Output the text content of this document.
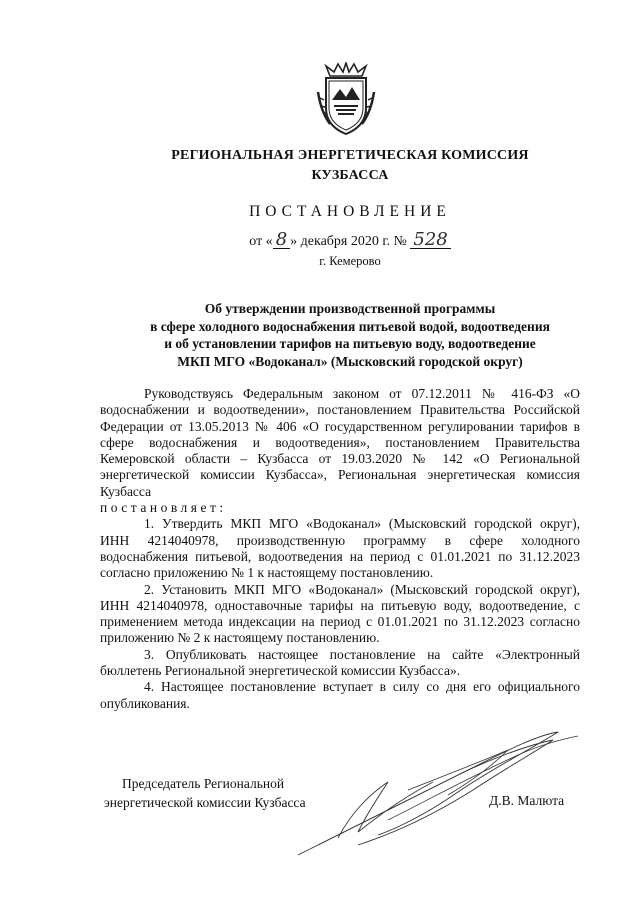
РЕГИОНАЛЬНАЯ ЭНЕРГЕТИЧЕСКАЯ КОМИССИЯ
КУЗБАССА
ПОСТАНОВЛЕНИЕ
от « 8 » декабря 2020 г. № 528
г. Кемерово
Об утверждении производственной программы
в сфере холодного водоснабжения питьевой водой, водоотведения
и об установлении тарифов на питьевую воду, водоотведение
МКП МГО «Водоканал» (Мысковский городской округ)

Руководствуясь Федеральным законом от 07.12.2011 № 416-ФЗ «О водоснабжении и водоотведении», постановлением Правительства Российской Федерации от 13.05.2013 № 406 «О государственном регулировании тарифов в сфере водоснабжения и водоотведения», постановлением Правительства Кемеровской области – Кузбасса от 19.03.2020 № 142 «О Региональной энергетической комиссии Кузбасса», Региональная энергетическая комиссия Кузбасса

постановляет:

1. Утвердить МКП МГО «Водоканал» (Мысковский городской округ), ИНН 4214040978, производственную программу в сфере холодного водоснабжения питьевой, водоотведения на период с 01.01.2021 по 31.12.2023 согласно приложению № 1 к настоящему постановлению.

2. Установить МКП МГО «Водоканал» (Мысковский городской округ), ИНН 4214040978, одноставочные тарифы на питьевую воду, водоотведение, с применением метода индексации на период с 01.01.2021 по 31.12.2023 согласно приложению № 2 к настоящему постановлению.

3. Опубликовать настоящее постановление на сайте «Электронный бюллетень Региональной энергетической комиссии Кузбасса».

4. Настоящее постановление вступает в силу со дня его официального опубликования.

Председатель Региональной
энергетической комиссии Кузбасса	Д.В. Малюта
